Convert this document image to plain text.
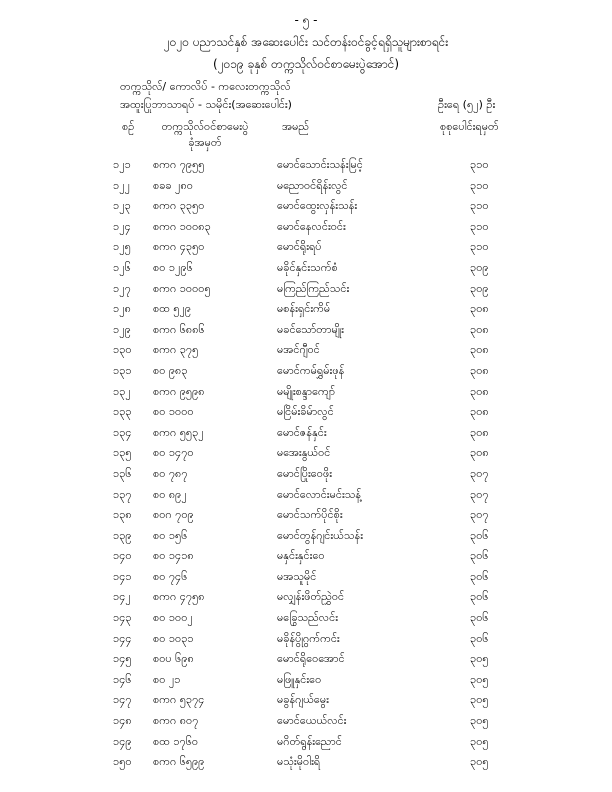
- ၅ -
၂၀၂၀ ပညာသင်နှစ် အဆေးပေါင်း သင်တန်းဝင်ခွင့်ရရှိသူများစာရင်း
(၂၀၁၉ ခုနှစ် တက္ကသိုလ်ဝင်စာမေးပွဲအောင်)
တက္ကသိုလ်/ ကောလိပ် - ကလေးတက္ကသိုလ်
အထူးပြုဘာသာရပ် - သမိုင်း(အဆေးပေါင်း)	ဦးရေ (၅၂) ဦး
စဉ်	တက္ကသိုလ်ဝင်စာမေးပွဲ
ခုံအမှတ်
အမည်	စုစုပေါင်းရမှတ်
၁၂၁	စကဂ ၇၉၅၅	မောင်သောင်းသန်းမြင့်	၃၁၀
၁၂၂	စခခ ၂၈၀	မညောဝင်ရိန်းလွင်	၃၁၀
၁၂၃	စကဂ ၃၃၅၀	မောင်ထွေးလှန်းသန်း	၃၁၀
၁၂၄	စကဂ ၁၀၀၈၃	မောင်နေလင်းဝင်း	၃၁၀
၁၂၅	စကဂ ၄၃၅၀	မောင်ရိုးရပ်	၃၁၀
၁၂၆	စဝ ၁၂၉၆	မခိုင်နှင်းသက်စံ	၃၀၉
၁၂၇	စကဂ ၁၀၀၀၅	မကြည်ကြည်သင်း	၃၀၉
၁၂၈	စထ ၅၂၉	မစန်းရှင်းကိမ်	၃၀၈
၁၂၉	စကဂ ၆၈၈၆	မခင်သော်တာမျိုး	၃၀၈
၁၃၀	စကဂ ၃၇၅	မအင်ဂျီဝင်	၃၀၈
၁၃၁	စဝ ၉၈၃	မောင်ကမ်ရွှမ်းဖုန်	၃၀၈
၁၃၂	စကဂ ၉၅၉၈	မမျိုးစန္ဒာကျော်	၃၀၈
၁၃၃	စဝ ၁၀၀၀	မငြိမ်းခိမ်ာလွင်	၃၀၈
၁၃၄	စကဂ ၅၅၃၂	မောင်ဇန်နှင်း	၃၀၈
၁၃၅	စဝ ၁၄၇၀	မအေးနွယ်ဝင်	၃၀၈
၁၃၆	စဝ ၇၈၇	မောင်ပြိုးဝေဖိုး	၃၀၇
၁၃၇	စဝ ၈၉၂	မောင်လောင်းမင်းသန့်	၃၀၇
၁၃၈	စဝဂ ၇၀၉	မောင်သက်ပိုင်စိုး	၃၀၇
၁၃၉	စဝ ၁၅၆	မောင်တွန်ဂျင်းယ်သန်း	၃၀၆
၁၄၀	စဝ ၁၄၁၈	မနှင်းနှင်းဝေ	၃၀၆
၁၄၁	စဝ ၇၄၆	မအသူမိုင်	၃၀၆
၁၄၂	စကဂ ၄၇၅၈	မလျှန်းဖိတ်ညွှဲဝင်	၃၀၆
၁၄၃	စဝ ၁၀၀၂	မခြွေသည်လင်း	၃၀၆
၁၄၄	စဝ ၁၀၃၁	မခိုန်ပွိုဂွက်ကင်း	၃၀၆
၁၄၅	စဝပ ၆၉၈	မောင်ရိုဝေအောင်	၃၀၅
၁၄၆	စဝ ၂၁	မဖြူနှင်းဝေ	၃၀၅
၁၄၇	စကဂ ၅၃၇၄	မခွန်ဂျယ်မွေး	၃၀၅
၁၄၈	စကဂ ၈၀၇	မောင်ယေယ်လင်း	၃၀၅
၁၄၉	စထ ၁၇၆၀	မဂိတ်ရွန်းညောင်	၃၀၅
၁၅၀	စကဂ ၆၅၉၉	မသုံးမိုဝါးရိ	၃၀၅
